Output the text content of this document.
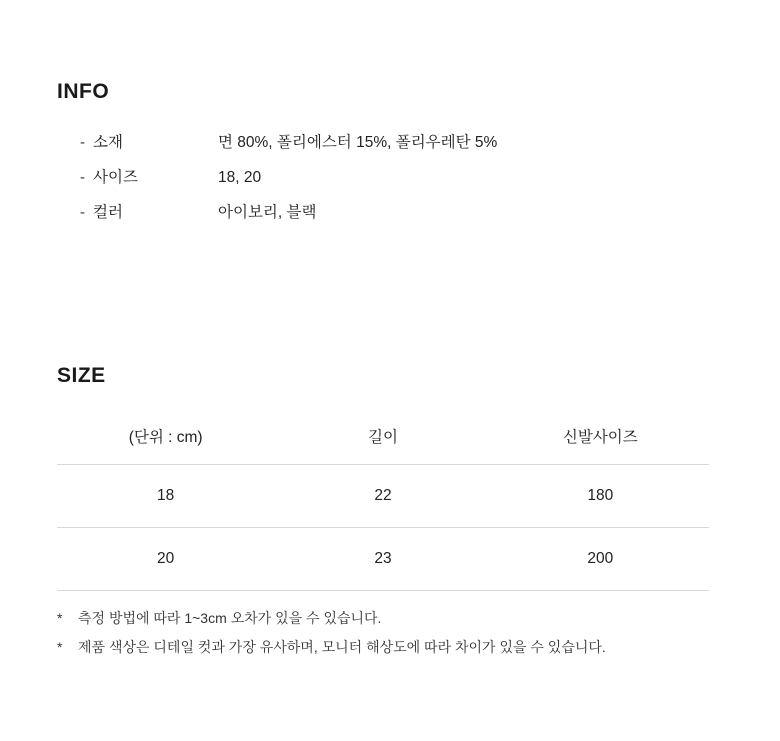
INFO
- 소재	면 80%, 폴리에스터 15%, 폴리우레탄 5%
- 사이즈	18, 20
- 컬러	아이보리, 블랙
SIZE
(단위 : cm)	길이	신발사이즈
18	22	180
20	23	200
* 측정 방법에 따라 1~3cm 오차가 있을 수 있습니다.
* 제품 색상은 디테일 컷과 가장 유사하며, 모니터 해상도에 따라 차이가 있을 수 있습니다.
